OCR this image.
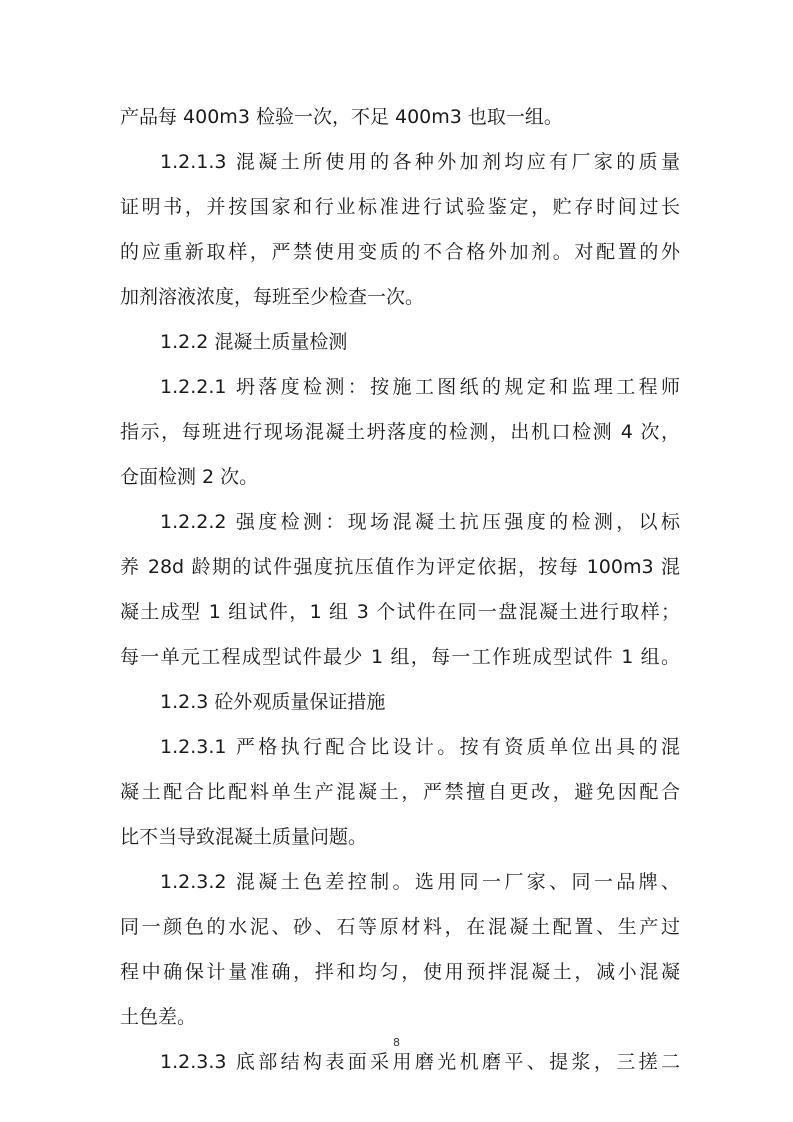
产品每 400m3 检验一次，不足 400m3 也取一组。
1.2.1.3 混凝土所使用的各种外加剂均应有厂家的质量
证明书，并按国家和行业标准进行试验鉴定，贮存时间过长
的应重新取样，严禁使用变质的不合格外加剂。对配置的外
加剂溶液浓度，每班至少检查一次。
1.2.2 混凝土质量检测
1.2.2.1 坍落度检测：按施工图纸的规定和监理工程师
指示，每班进行现场混凝土坍落度的检测，出机口检测 4 次，
仓面检测 2 次。
1.2.2.2 强度检测：现场混凝土抗压强度的检测，以标
养 28d 龄期的试件强度抗压值作为评定依据，按每 100m3 混
凝土成型 1 组试件，1 组 3 个试件在同一盘混凝土进行取样；
每一单元工程成型试件最少 1 组，每一工作班成型试件 1 组。
1.2.3 砼外观质量保证措施
1.2.3.1 严格执行配合比设计。按有资质单位出具的混
凝土配合比配料单生产混凝土，严禁擅自更改，避免因配合
比不当导致混凝土质量问题。
1.2.3.2 混凝土色差控制。选用同一厂家、同一品牌、
同一颜色的水泥、砂、石等原材料，在混凝土配置、生产过
程中确保计量准确，拌和均匀，使用预拌混凝土，减小混凝
土色差。
1.2.3.3 底部结构表面采用磨光机磨平、提浆，三搓二
8
